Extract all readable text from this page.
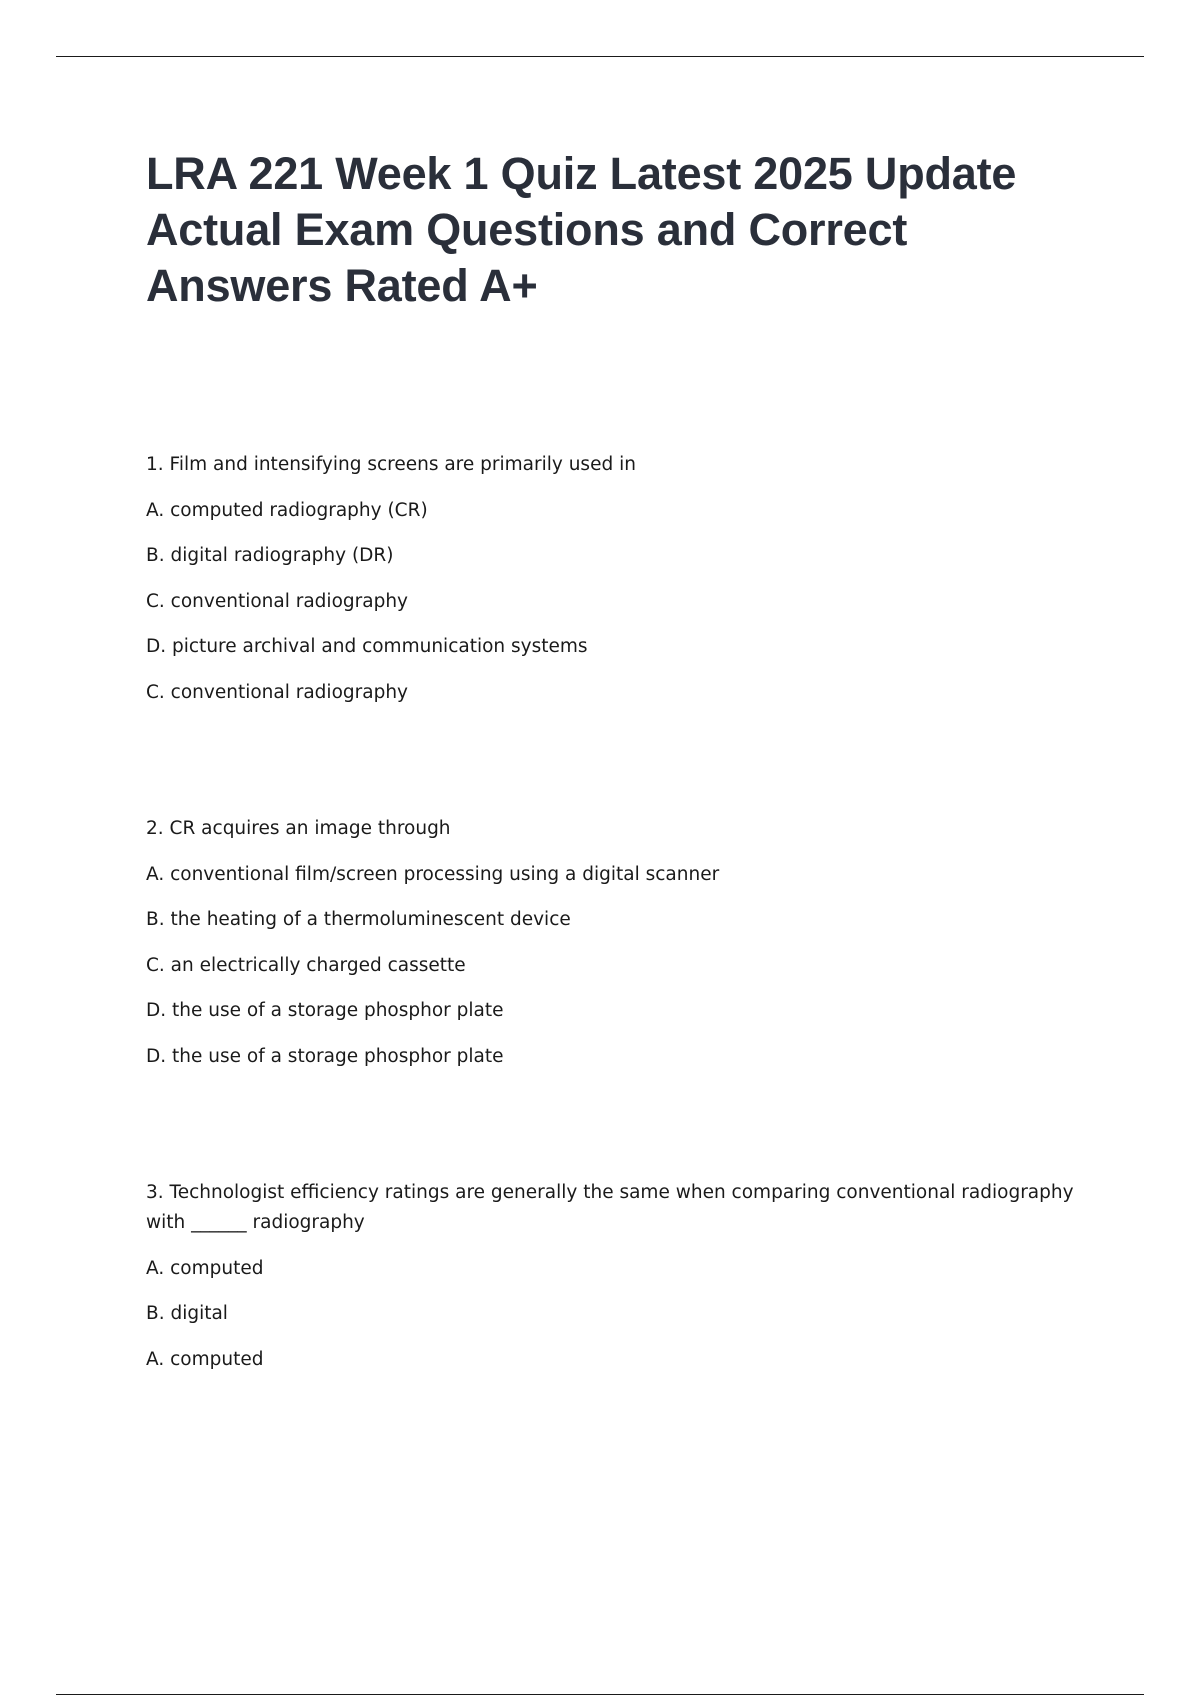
LRA 221 Week 1 Quiz Latest 2025 Update Actual Exam Questions and Correct Answers Rated A+

1. Film and intensifying screens are primarily used in

A. computed radiography (CR)

B. digital radiography (DR)

C. conventional radiography

D. picture archival and communication systems

C. conventional radiography

2. CR acquires an image through

A. conventional film/screen processing using a digital scanner

B. the heating of a thermoluminescent device

C. an electrically charged cassette

D. the use of a storage phosphor plate

D. the use of a storage phosphor plate

3. Technologist efficiency ratings are generally the same when comparing conventional radiography with ______ radiography

A. computed

B. digital

A. computed
